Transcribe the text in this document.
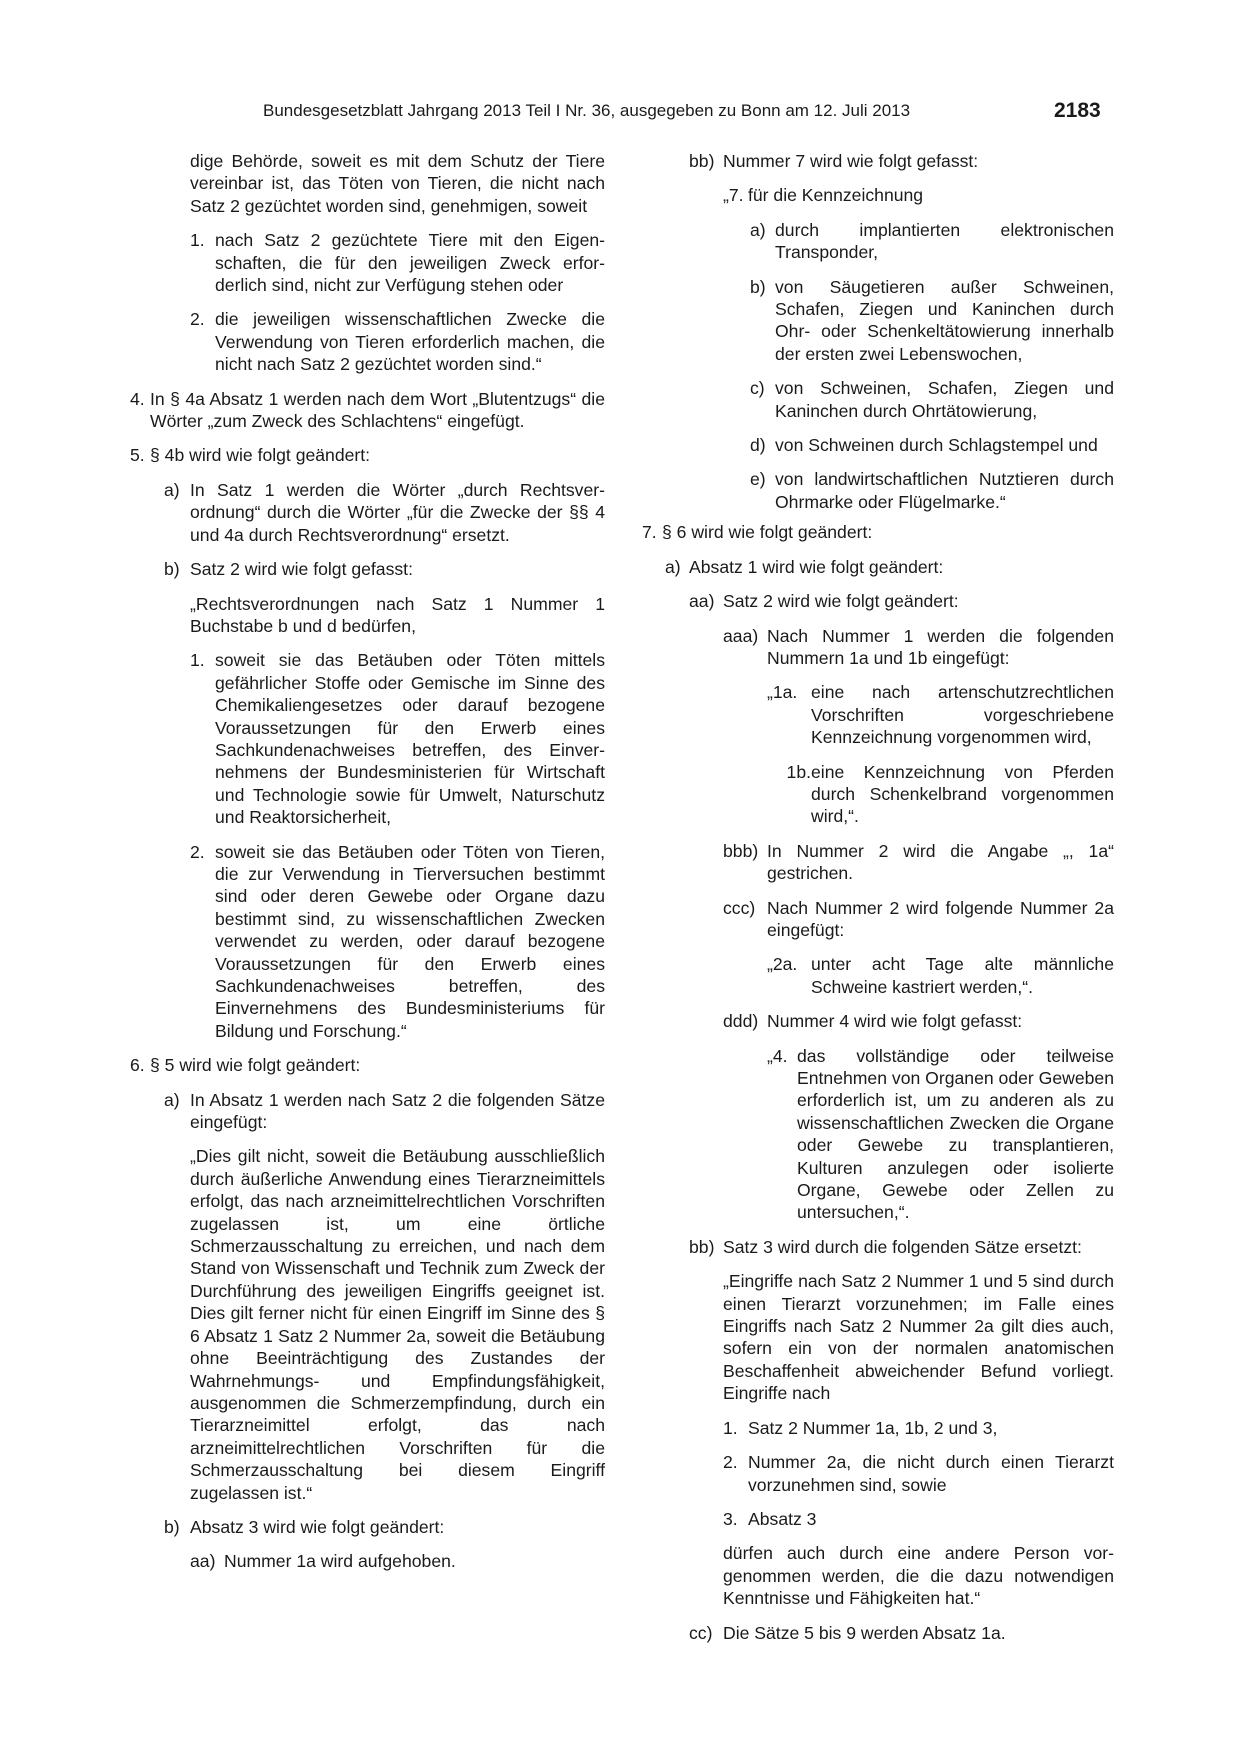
Bundesgesetzblatt Jahrgang 2013 Teil I Nr. 36, ausgegeben zu Bonn am 12. Juli 2013	2183
dige Behörde, soweit es mit dem Schutz der Tiere vereinbar ist, das Töten von Tieren, die nicht nach Satz 2 gezüchtet worden sind, genehmigen, soweit
1. nach Satz 2 gezüchtete Tiere mit den Eigenschaften, die für den jeweiligen Zweck erforderlich sind, nicht zur Verfügung stehen oder
2. die jeweiligen wissenschaftlichen Zwecke die Verwendung von Tieren erforderlich machen, die nicht nach Satz 2 gezüchtet worden sind.“
4. In § 4a Absatz 1 werden nach dem Wort „Blutentzugs“ die Wörter „zum Zweck des Schlachtens“ eingefügt.
5. § 4b wird wie folgt geändert:
a) In Satz 1 werden die Wörter „durch Rechtsverordnung“ durch die Wörter „für die Zwecke der §§ 4 und 4a durch Rechtsverordnung“ ersetzt.
b) Satz 2 wird wie folgt gefasst:
„Rechtsverordnungen nach Satz 1 Nummer 1 Buchstabe b und d bedürfen,
1. soweit sie das Betäuben oder Töten mittels gefährlicher Stoffe oder Gemische im Sinne des Chemikaliengesetzes oder darauf bezogene Voraussetzungen für den Erwerb eines Sachkundenachweises betreffen, des Einvernehmens der Bundesministerien für Wirtschaft und Technologie sowie für Umwelt, Naturschutz und Reaktorsicherheit,
2. soweit sie das Betäuben oder Töten von Tieren, die zur Verwendung in Tierversuchen bestimmt sind oder deren Gewebe oder Organe dazu bestimmt sind, zu wissenschaftlichen Zwecken verwendet zu werden, oder darauf bezogene Voraussetzungen für den Erwerb eines Sachkundenachweises betreffen, des Einvernehmens des Bundesministeriums für Bildung und Forschung.“
6. § 5 wird wie folgt geändert:
a) In Absatz 1 werden nach Satz 2 die folgenden Sätze eingefügt:
„Dies gilt nicht, soweit die Betäubung ausschließlich durch äußerliche Anwendung eines Tierarzneimittels erfolgt, das nach arzneimittelrechtlichen Vorschriften zugelassen ist, um eine örtliche Schmerzausschaltung zu erreichen, und nach dem Stand von Wissenschaft und Technik zum Zweck der Durchführung des jeweiligen Eingriffs geeignet ist. Dies gilt ferner nicht für einen Eingriff im Sinne des § 6 Absatz 1 Satz 2 Nummer 2a, soweit die Betäubung ohne Beeinträchtigung des Zustandes der Wahrnehmungs- und Empfindungsfähigkeit, ausgenommen die Schmerzempfindung, durch ein Tierarzneimittel erfolgt, das nach arzneimittelrechtlichen Vorschriften für die Schmerzausschaltung bei diesem Eingriff zugelassen ist.“
b) Absatz 3 wird wie folgt geändert:
aa) Nummer 1a wird aufgehoben.
bb) Nummer 7 wird wie folgt gefasst:
„7. für die Kennzeichnung
a) durch implantierten elektronischen Transponder,
b) von Säugetieren außer Schweinen, Schafen, Ziegen und Kaninchen durch Ohr- oder Schenkeltätowierung innerhalb der ersten zwei Lebenswochen,
c) von Schweinen, Schafen, Ziegen und Kaninchen durch Ohrtätowierung,
d) von Schweinen durch Schlagstempel und
e) von landwirtschaftlichen Nutztieren durch Ohrmarke oder Flügelmarke.“
7. § 6 wird wie folgt geändert:
a) Absatz 1 wird wie folgt geändert:
aa) Satz 2 wird wie folgt geändert:
aaa) Nach Nummer 1 werden die folgenden Nummern 1a und 1b eingefügt:
„1a. eine nach artenschutzrechtlichen Vorschriften vorgeschriebene Kennzeichnung vorgenommen wird,
1b. eine Kennzeichnung von Pferden durch Schenkelbrand vorgenommen wird,“.
bbb) In Nummer 2 wird die Angabe „, 1a“ gestrichen.
ccc) Nach Nummer 2 wird folgende Nummer 2a eingefügt:
„2a. unter acht Tage alte männliche Schweine kastriert werden,“.
ddd) Nummer 4 wird wie folgt gefasst:
„4. das vollständige oder teilweise Entnehmen von Organen oder Geweben erforderlich ist, um zu anderen als zu wissenschaftlichen Zwecken die Organe oder Gewebe zu transplantieren, Kulturen anzulegen oder isolierte Organe, Gewebe oder Zellen zu untersuchen,“.
bb) Satz 3 wird durch die folgenden Sätze ersetzt:
„Eingriffe nach Satz 2 Nummer 1 und 5 sind durch einen Tierarzt vorzunehmen; im Falle eines Eingriffs nach Satz 2 Nummer 2a gilt dies auch, sofern ein von der normalen anatomischen Beschaffenheit abweichender Befund vorliegt. Eingriffe nach
1. Satz 2 Nummer 1a, 1b, 2 und 3,
2. Nummer 2a, die nicht durch einen Tierarzt vorzunehmen sind, sowie
3. Absatz 3
dürfen auch durch eine andere Person vorgenommen werden, die die dazu notwendigen Kenntnisse und Fähigkeiten hat.“
cc) Die Sätze 5 bis 9 werden Absatz 1a.
